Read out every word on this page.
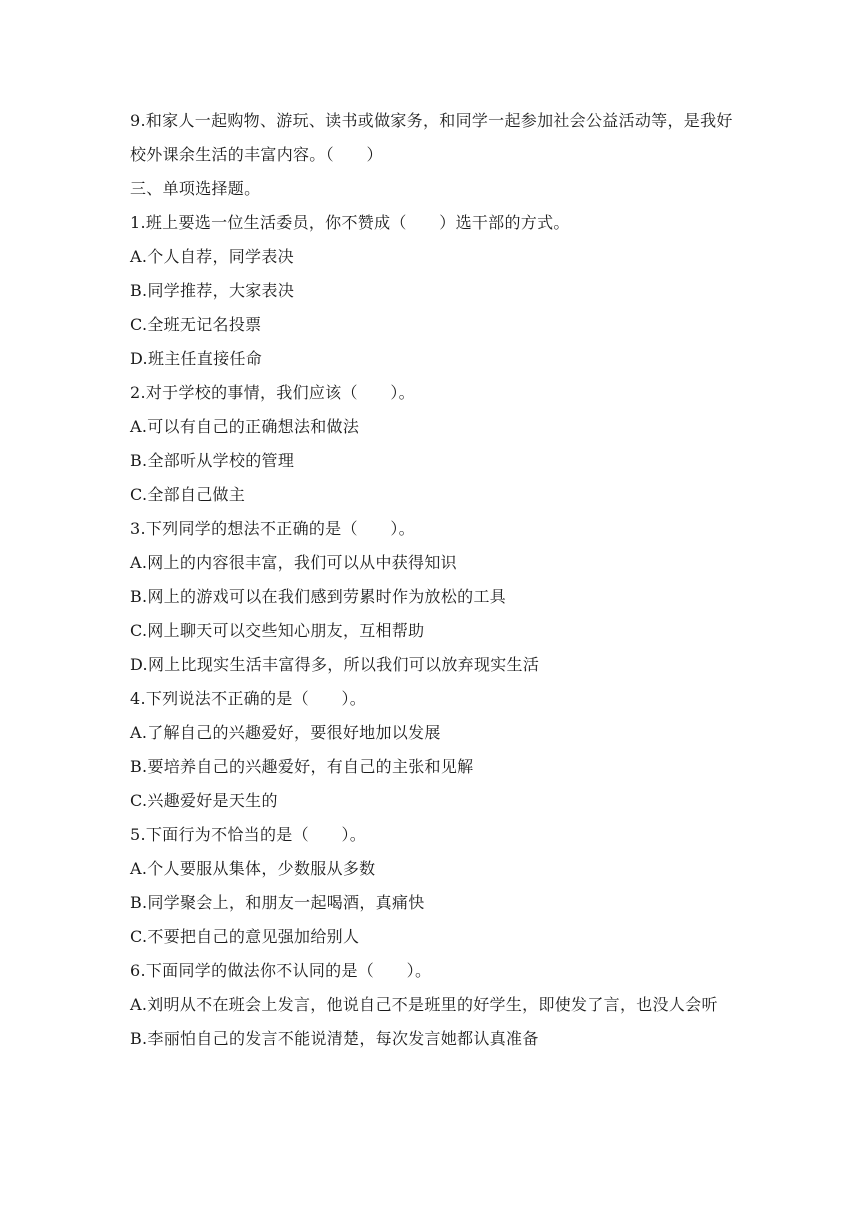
9.和家人一起购物、游玩、读书或做家务，和同学一起参加社会公益活动等，是我好校外课余生活的丰富内容。（　　）
三、单项选择题。
1.班上要选一位生活委员，你不赞成（　　）选干部的方式。
A.个人自荐，同学表决
B.同学推荐，大家表决
C.全班无记名投票
D.班主任直接任命
2.对于学校的事情，我们应该（　　）。
A.可以有自己的正确想法和做法
B.全部听从学校的管理
C.全部自己做主
3.下列同学的想法不正确的是（　　）。
A.网上的内容很丰富，我们可以从中获得知识
B.网上的游戏可以在我们感到劳累时作为放松的工具
C.网上聊天可以交些知心朋友，互相帮助
D.网上比现实生活丰富得多，所以我们可以放弃现实生活
4.下列说法不正确的是（　　）。
A.了解自己的兴趣爱好，要很好地加以发展
B.要培养自己的兴趣爱好，有自己的主张和见解
C.兴趣爱好是天生的
5.下面行为不恰当的是（　　）。
A.个人要服从集体，少数服从多数
B.同学聚会上，和朋友一起喝酒，真痛快
C.不要把自己的意见强加给别人
6.下面同学的做法你不认同的是（　　）。
A.刘明从不在班会上发言，他说自己不是班里的好学生，即使发了言，也没人会听
B.李丽怕自己的发言不能说清楚，每次发言她都认真准备
